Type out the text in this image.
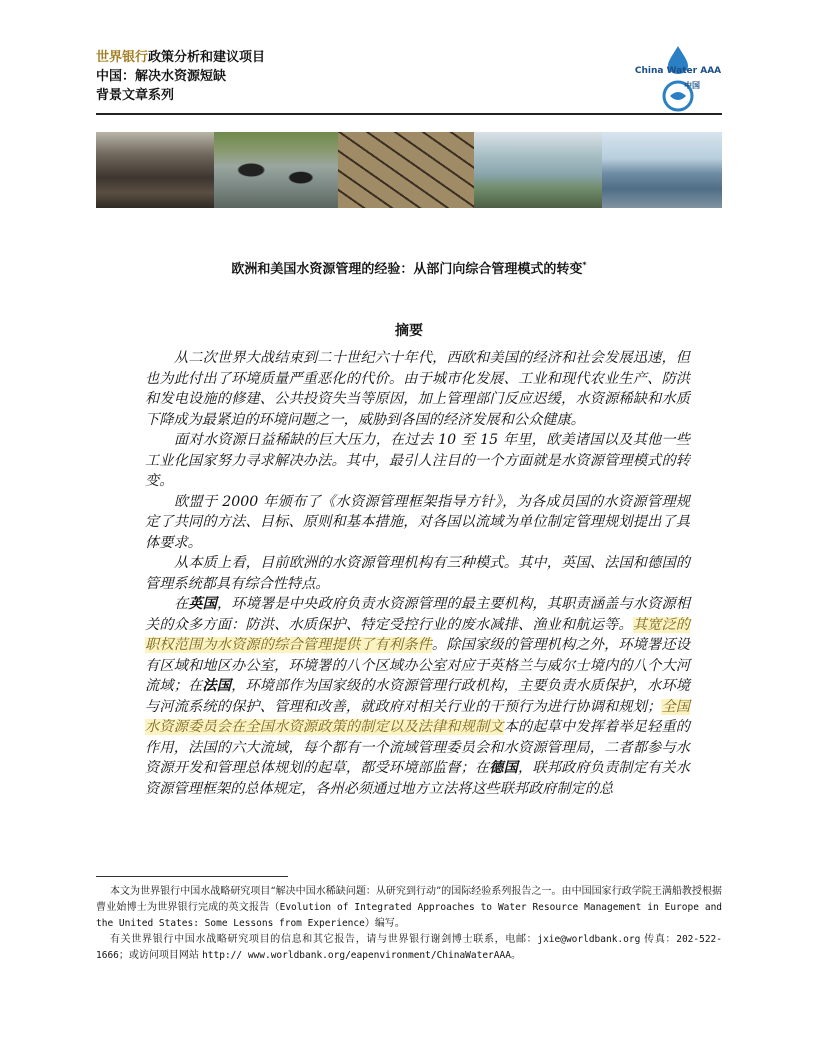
世界银行政策分析和建议项目
中国：解决水资源短缺
背景文章系列
China Water AAA
中国
欧洲和美国水资源管理的经验：从部门向综合管理模式的转变*
摘要

从二次世界大战结束到二十世纪六十年代，西欧和美国的经济和社会发展迅速，但也为此付出了环境质量严重恶化的代价。由于城市化发展、工业和现代农业生产、防洪和发电设施的修建、公共投资失当等原因，加上管理部门反应迟缓，水资源稀缺和水质下降成为最紧迫的环境问题之一，威胁到各国的经济发展和公众健康。

面对水资源日益稀缺的巨大压力，在过去 10 至 15 年里，欧美诸国以及其他一些工业化国家努力寻求解决办法。其中，最引人注目的一个方面就是水资源管理模式的转变。

欧盟于 2000 年颁布了《水资源管理框架指导方针》，为各成员国的水资源管理规定了共同的方法、目标、原则和基本措施，对各国以流域为单位制定管理规划提出了具体要求。

从本质上看，目前欧洲的水资源管理机构有三种模式。其中，英国、法国和德国的管理系统都具有综合性特点。

在英国，环境署是中央政府负责水资源管理的最主要机构，其职责涵盖与水资源相关的众多方面：防洪、水质保护、特定受控行业的废水减排、渔业和航运等。其宽泛的职权范围为水资源的综合管理提供了有利条件。除国家级的管理机构之外，环境署还设有区域和地区办公室，环境署的八个区域办公室对应于英格兰与威尔士境内的八个大河流域；在法国，环境部作为国家级的水资源管理行政机构，主要负责水质保护，水环境与河流系统的保护、管理和改善，就政府对相关行业的干预行为进行协调和规划；全国水资源委员会在全国水资源政策的制定以及法律和规制文本的起草中发挥着举足轻重的作用，法国的六大流域，每个都有一个流域管理委员会和水资源管理局，二者都参与水资源开发和管理总体规划的起草，都受环境部监督；在德国，联邦政府负责制定有关水资源管理框架的总体规定，各州必须通过地方立法将这些联邦政府制定的总

本文为世界银行中国水战略研究项目“解决中国水稀缺问题：从研究到行动”的国际经验系列报告之一。由中国国家行政学院王满船教授根据曹业始博士为世界银行完成的英文报告（Evolution of Integrated Approaches to Water Resource Management in Europe and the United States: Some Lessons from Experience）编写。

有关世界银行中国水战略研究项目的信息和其它报告，请与世界银行谢剑博士联系，电邮：jxie@worldbank.org 传真：202-522-1666；或访问项目网站 http:// www.worldbank.org/eapenvironment/ChinaWaterAAA。
